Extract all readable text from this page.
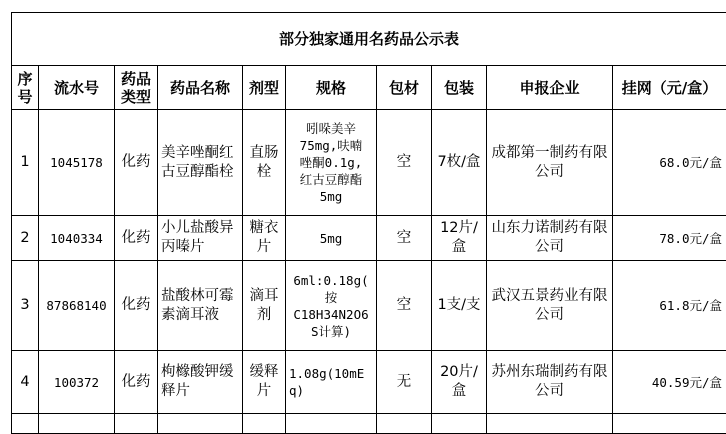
部分独家通用名药品公示表									
序号	流水号	药品类型	药品名称	剂型	规格	包材	包装	申报企业	挂网（元/盒）
1	1045178	化药	美辛唑酮红古豆醇酯栓	直肠栓	吲哚美辛
75mg,呋喃
唑酮0.1g,
红古豆醇酯
5mg	空	7枚/盒	成都第一制药有限公司	68.0元/盒
2	1040334	化药	小儿盐酸异丙嗪片	糖衣片	5mg	空	12片/盒	山东力诺制药有限公司	78.0元/盒
3	87868140	化药	盐酸林可霉素滴耳液	滴耳剂	6ml:0.18g(
按
C18H34N2O6
S计算)	空	1支/支	武汉五景药业有限公司	61.8元/盒
4	100372	化药	枸橼酸钾缓释片	缓释片	1.08g(10mE
q)	无	20片/盒	苏州东瑞制药有限公司	40.59元/盒
